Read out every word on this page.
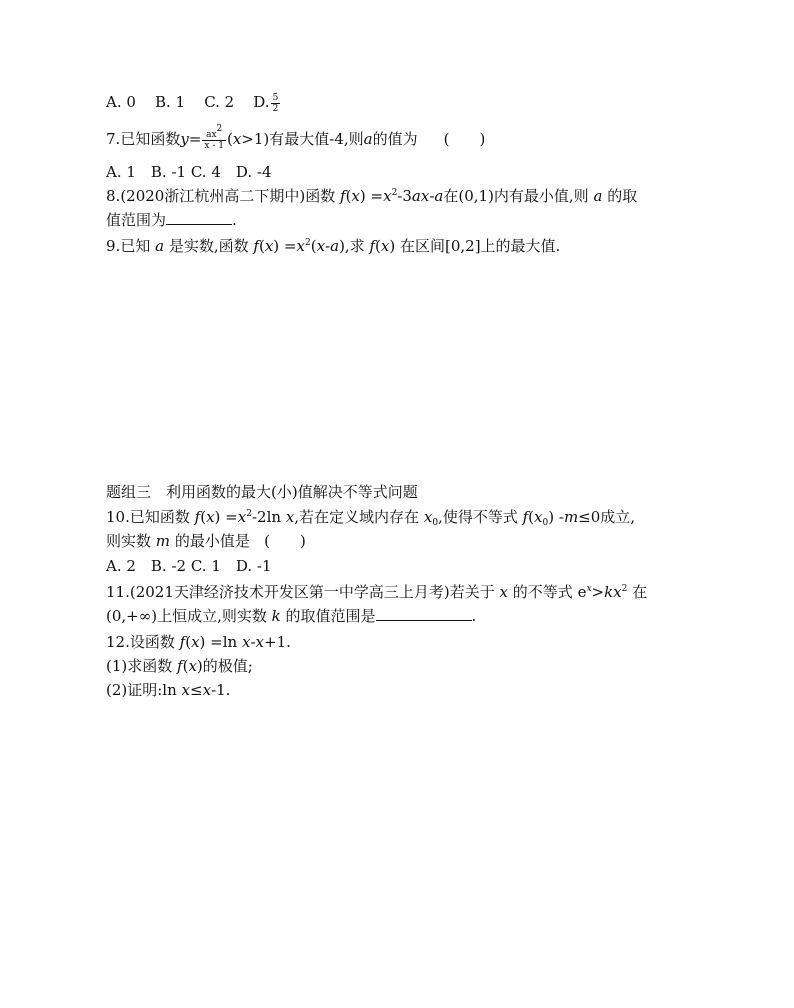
A. 0 B. 1 C. 2 D. $\frac{5}{2}$
7.已知函数$y= \frac{ax^2}{x - 1} (x>1)$有最大值-4,则a的值为 (　　)
A. 1　B. -1 C. 4　D. -4
8.(2020浙江杭州高二下期中)函数 $f(x) =x^2-3ax-a$在(0,1)内有最小值,则 a 的取
值范围为	.
9.已知 a 是实数,函数 $f(x) =x^2(x-a)$,求 f(x) 在区间[0,2]上的最大值.
题组三　利用函数的最大(小)值解决不等式问题
10.已知函数 $f(x) =x^2-2\ln$ x,若在定义域内存在 $x_0$,使得不等式 $f(x_0)$ -m≤0成立,
则实数 m 的最小值是 (　　)
A. 2　B. -2 C. 1　D. -1
11.(2021天津经济技术开发区第一中学高三上月考)若关于 x 的不等式 $e^x>kx^2$ 在
(0,+∞)上恒成立,则实数 k 的取值范围是	.
12.设函数 f(x) =ln x-x+1.
(1)求函数 f(x)的极值;
(2)证明:ln x≤x-1.
